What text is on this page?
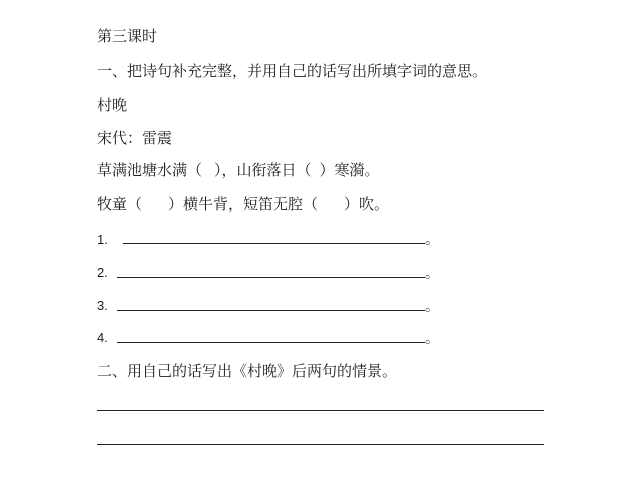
第三课时
一、把诗句补充完整，并用自己的话写出所填字词的意思。
村晚
宋代：雷震
草满池塘水满（ ），山衔落日（ ）寒漪。
牧童（ ）横牛背，短笛无腔（ ）吹。
1.	。
2.	。
3.	。
4.	。
二、用自己的话写出《村晚》后两句的情景。
